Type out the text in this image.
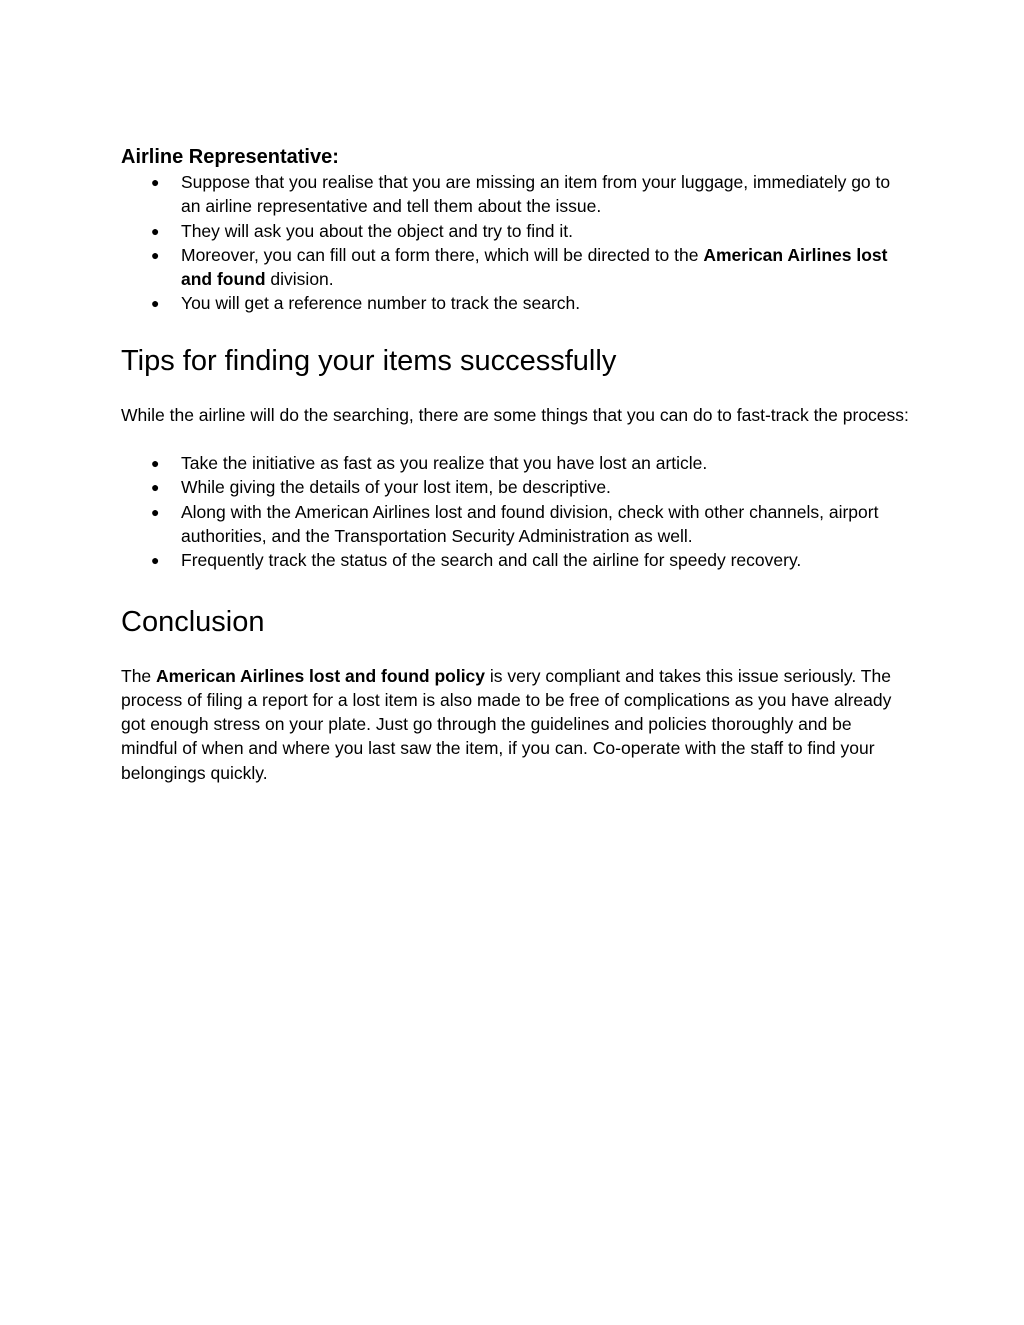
Airline Representative:
● Suppose that you realise that you are missing an item from your luggage, immediately go to an airline representative and tell them about the issue.
● They will ask you about the object and try to find it.
● Moreover, you can fill out a form there, which will be directed to the American Airlines lost and found division.
● You will get a reference number to track the search.
Tips for finding your items successfully

While the airline will do the searching, there are some things that you can do to fast-track the process:

● Take the initiative as fast as you realize that you have lost an article.
● While giving the details of your lost item, be descriptive.
● Along with the American Airlines lost and found division, check with other channels, airport authorities, and the Transportation Security Administration as well.
● Frequently track the status of the search and call the airline for speedy recovery.
Conclusion

The American Airlines lost and found policy is very compliant and takes this issue seriously. The process of filing a report for a lost item is also made to be free of complications as you have already got enough stress on your plate. Just go through the guidelines and policies thoroughly and be mindful of when and where you last saw the item, if you can. Co-operate with the staff to find your belongings quickly.
